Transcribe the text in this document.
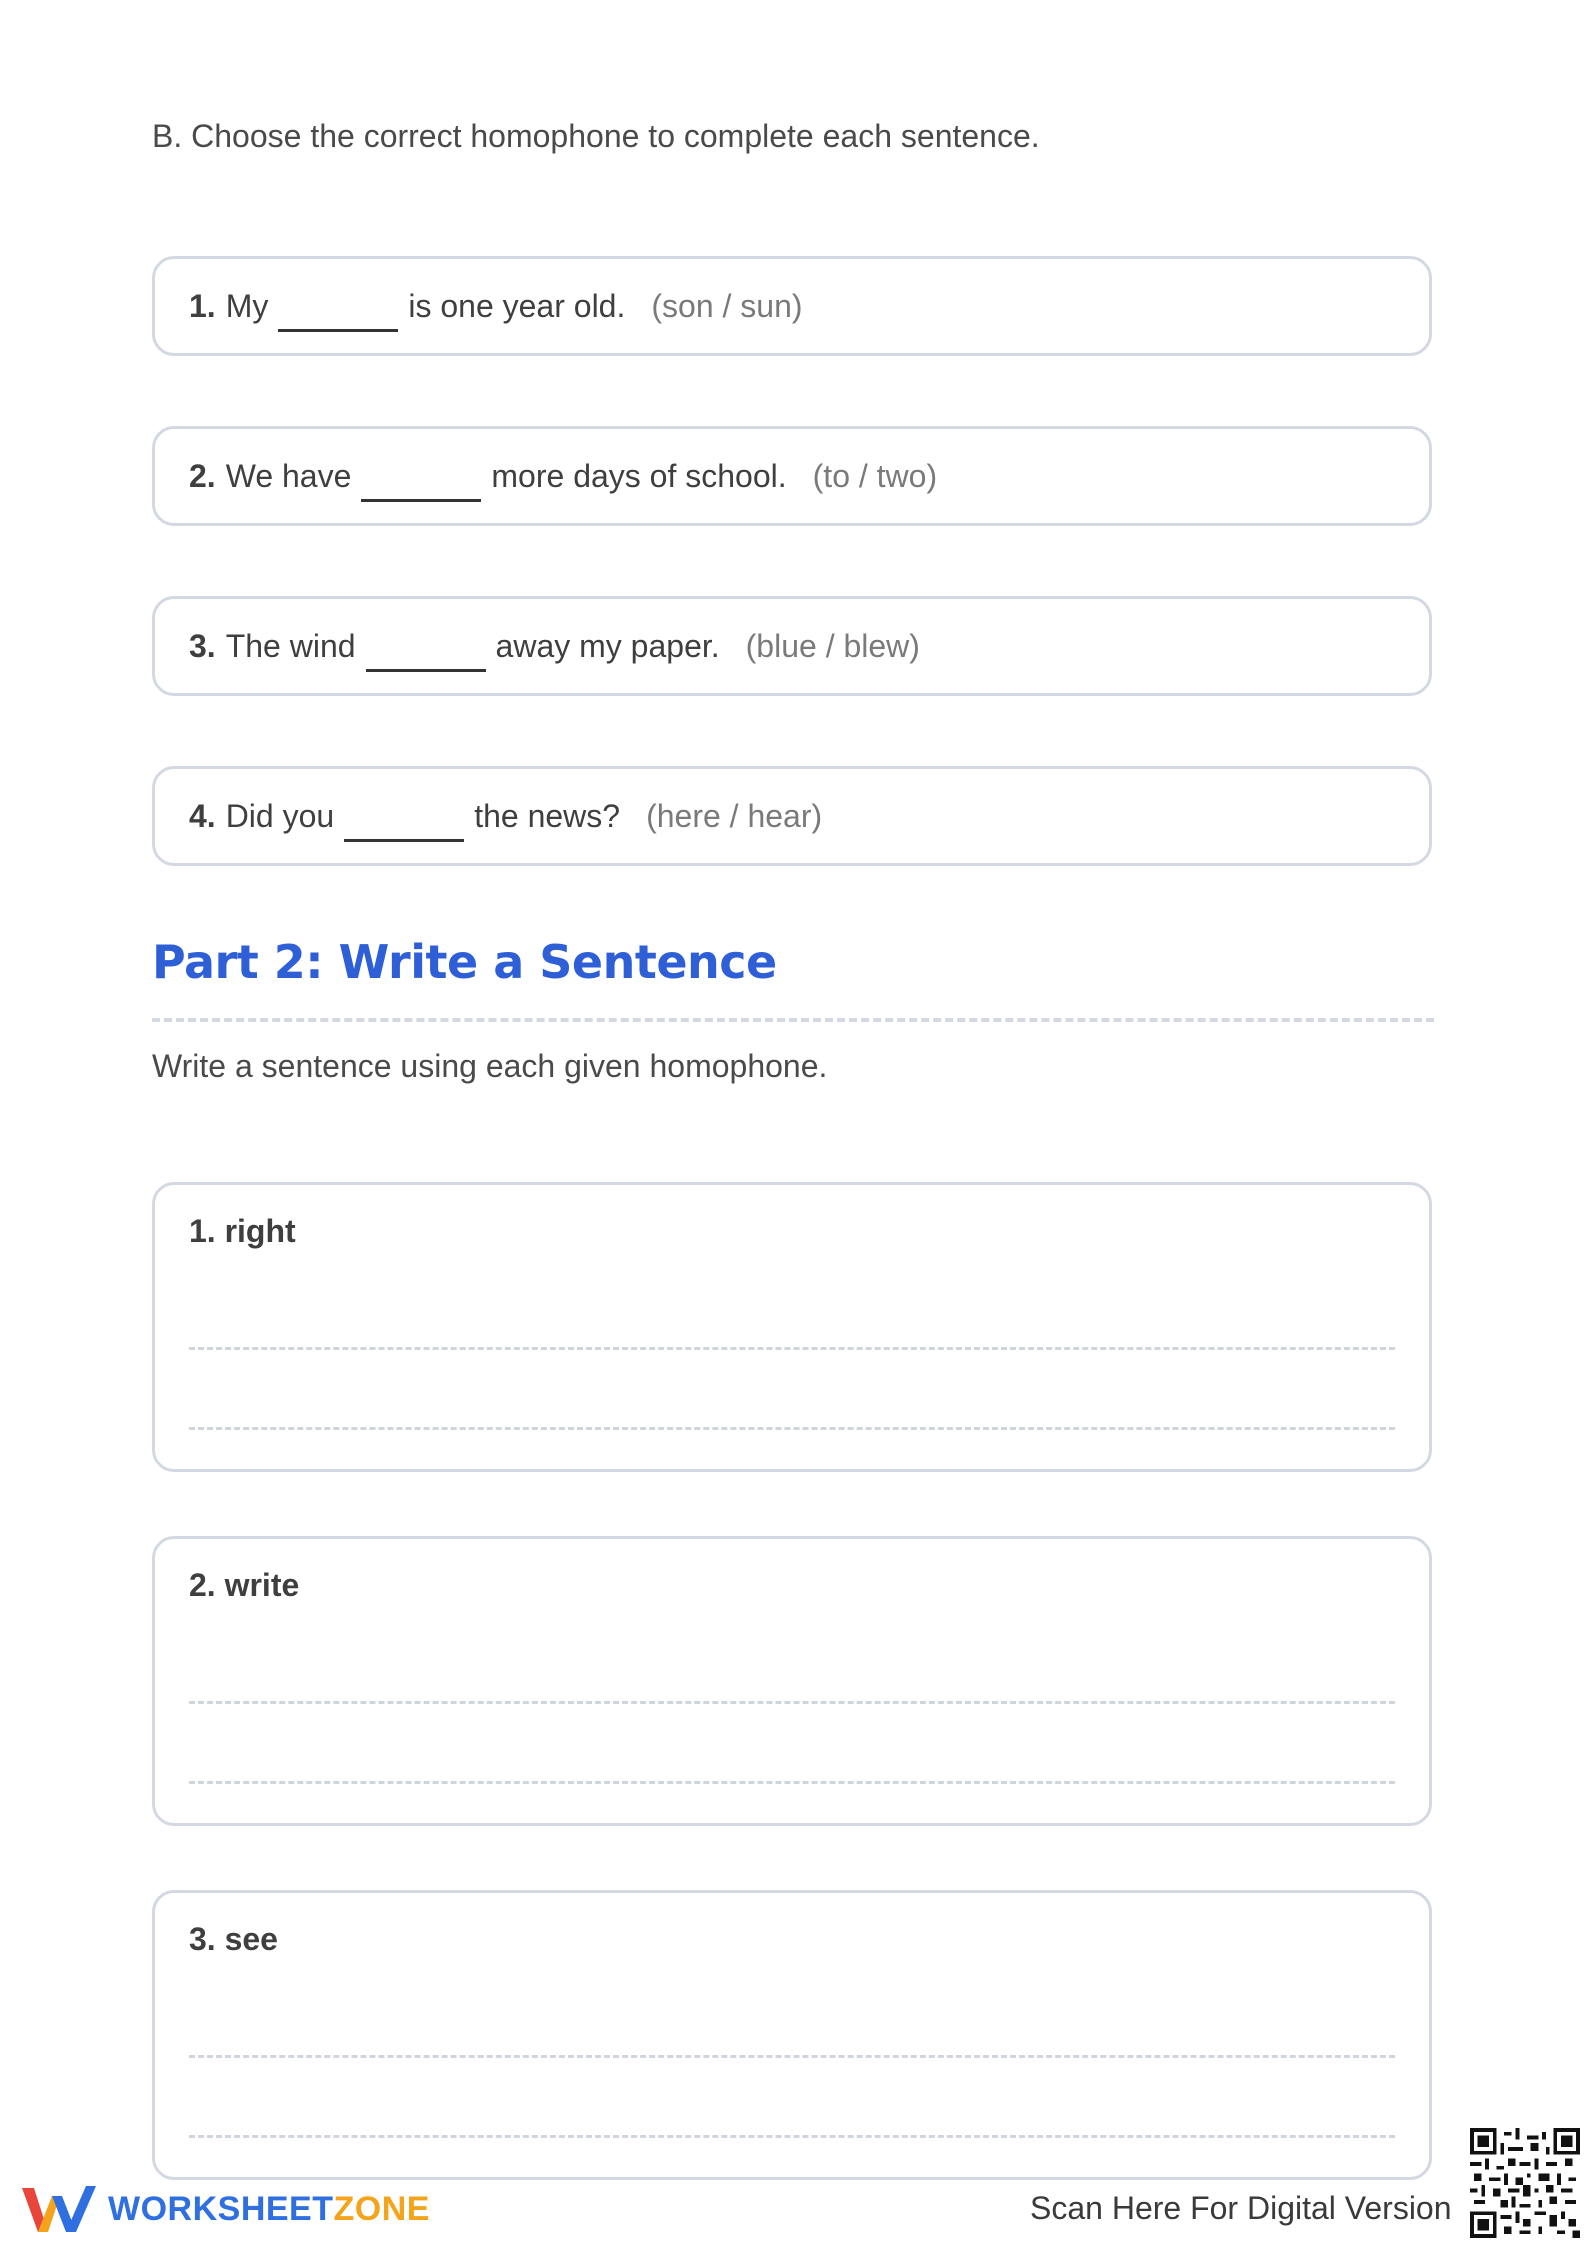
B. Choose the correct homophone to complete each sentence.
1. My	is one year old. (son / sun)
2. We have	more days of school. (to / two)
3. The wind	away my paper. (blue / blew)
4. Did you	the news? (here / hear)
Part 2: Write a Sentence
Write a sentence using each given homophone.
1. right
2. write
3. see
WORKSHEETZONE	Scan Here For Digital Version
